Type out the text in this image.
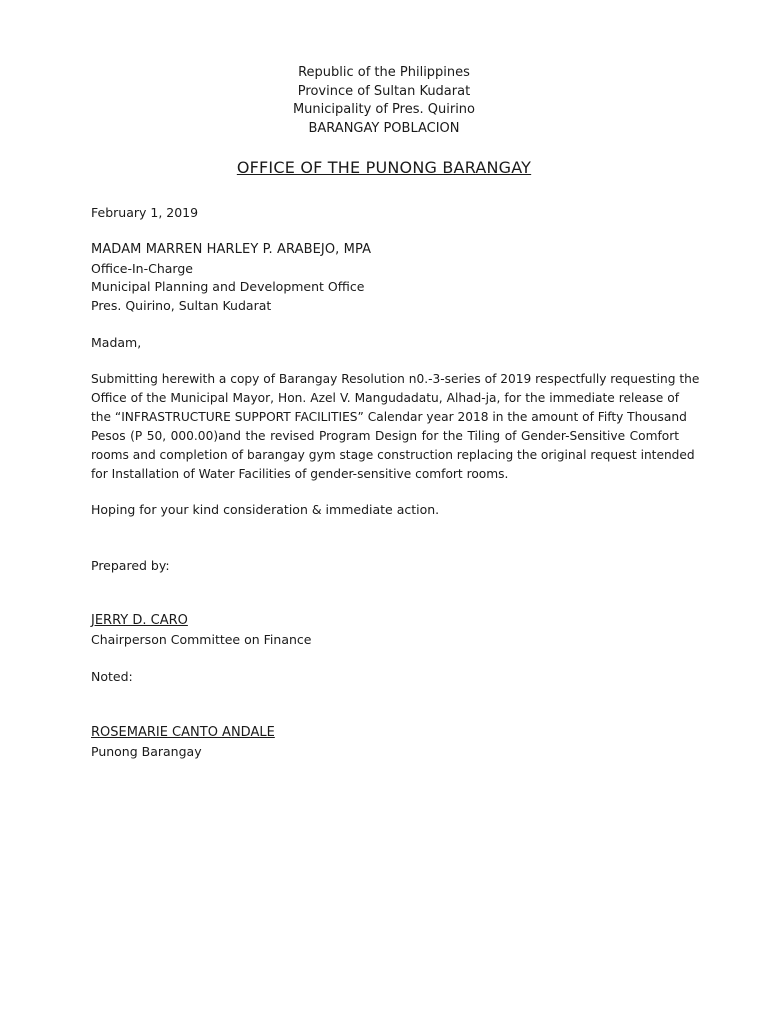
Republic of the Philippines
Province of Sultan Kudarat
Municipality of Pres. Quirino
BARANGAY POBLACION
OFFICE OF THE PUNONG BARANGAY
February 1, 2019
MADAM MARREN HARLEY P. ARABEJO, MPA
Office-In-Charge
Municipal Planning and Development Office
Pres. Quirino, Sultan Kudarat
Madam,
Submitting herewith a copy of Barangay Resolution n0.-3-series of 2019 respectfully requesting the
Office of the Municipal Mayor, Hon. Azel V. Mangudadatu, Alhad-ja, for the immediate release of
the “INFRASTRUCTURE SUPPORT FACILITIES” Calendar year 2018 in the amount of Fifty Thousand
Pesos (P 50, 000.00)and the revised Program Design for the Tiling of Gender-Sensitive Comfort
rooms and completion of barangay gym stage construction replacing the original request intended
for Installation of Water Facilities of gender-sensitive comfort rooms.
Hoping for your kind consideration & immediate action.
Prepared by:
JERRY D. CARO
Chairperson Committee on Finance
Noted:
ROSEMARIE CANTO ANDALE
Punong Barangay
